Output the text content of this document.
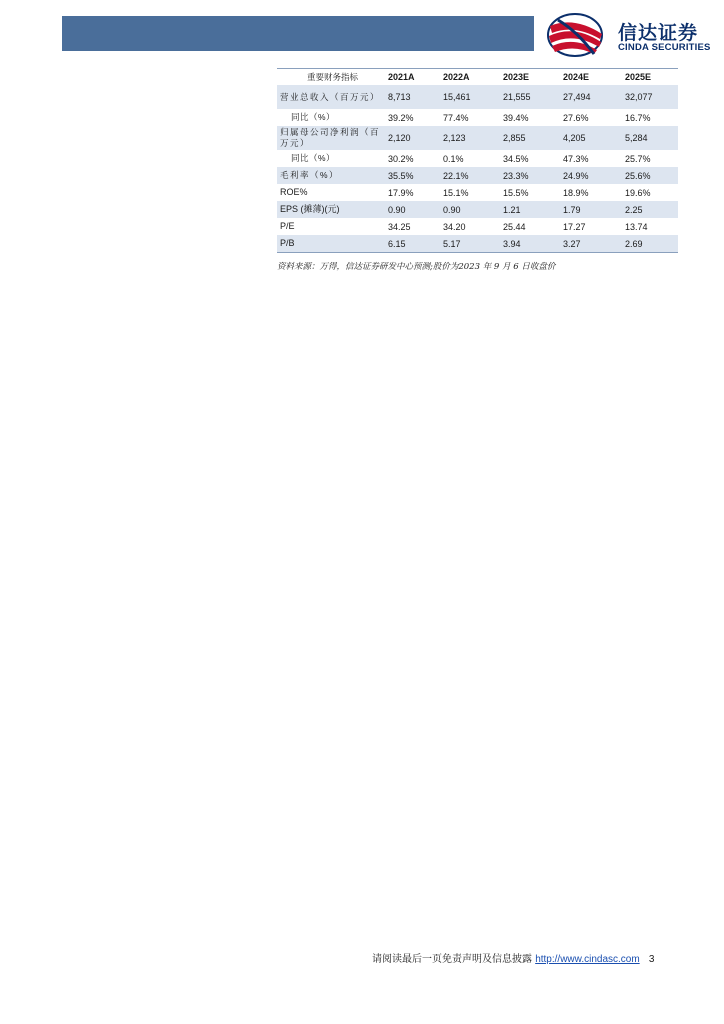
信达证券
CINDA SECURITIES
重要财务指标	2021A	2022A	2023E	2024E	2025E
营业总收入（百万元）	8,713	15,461	21,555	27,494	32,077
同比（%）	39.2%	77.4%	39.4%	27.6%	16.7%
归属母公司净利润（百万元）	2,120	2,123	2,855	4,205	5,284
同比（%）	30.2%	0.1%	34.5%	47.3%	25.7%
毛利率（%）	35.5%	22.1%	23.3%	24.9%	25.6%
ROE%	17.9%	15.1%	15.5%	18.9%	19.6%
EPS (摊薄)(元)	0.90	0.90	1.21	1.79	2.25
P/E	34.25	34.20	25.44	17.27	13.74
P/B	6.15	5.17	3.94	3.27	2.69
资料来源：万得，信达证券研发中心预测;股价为2023 年 9 月 6 日收盘价
请阅读最后一页免责声明及信息披露 http://www.cindasc.com 3
